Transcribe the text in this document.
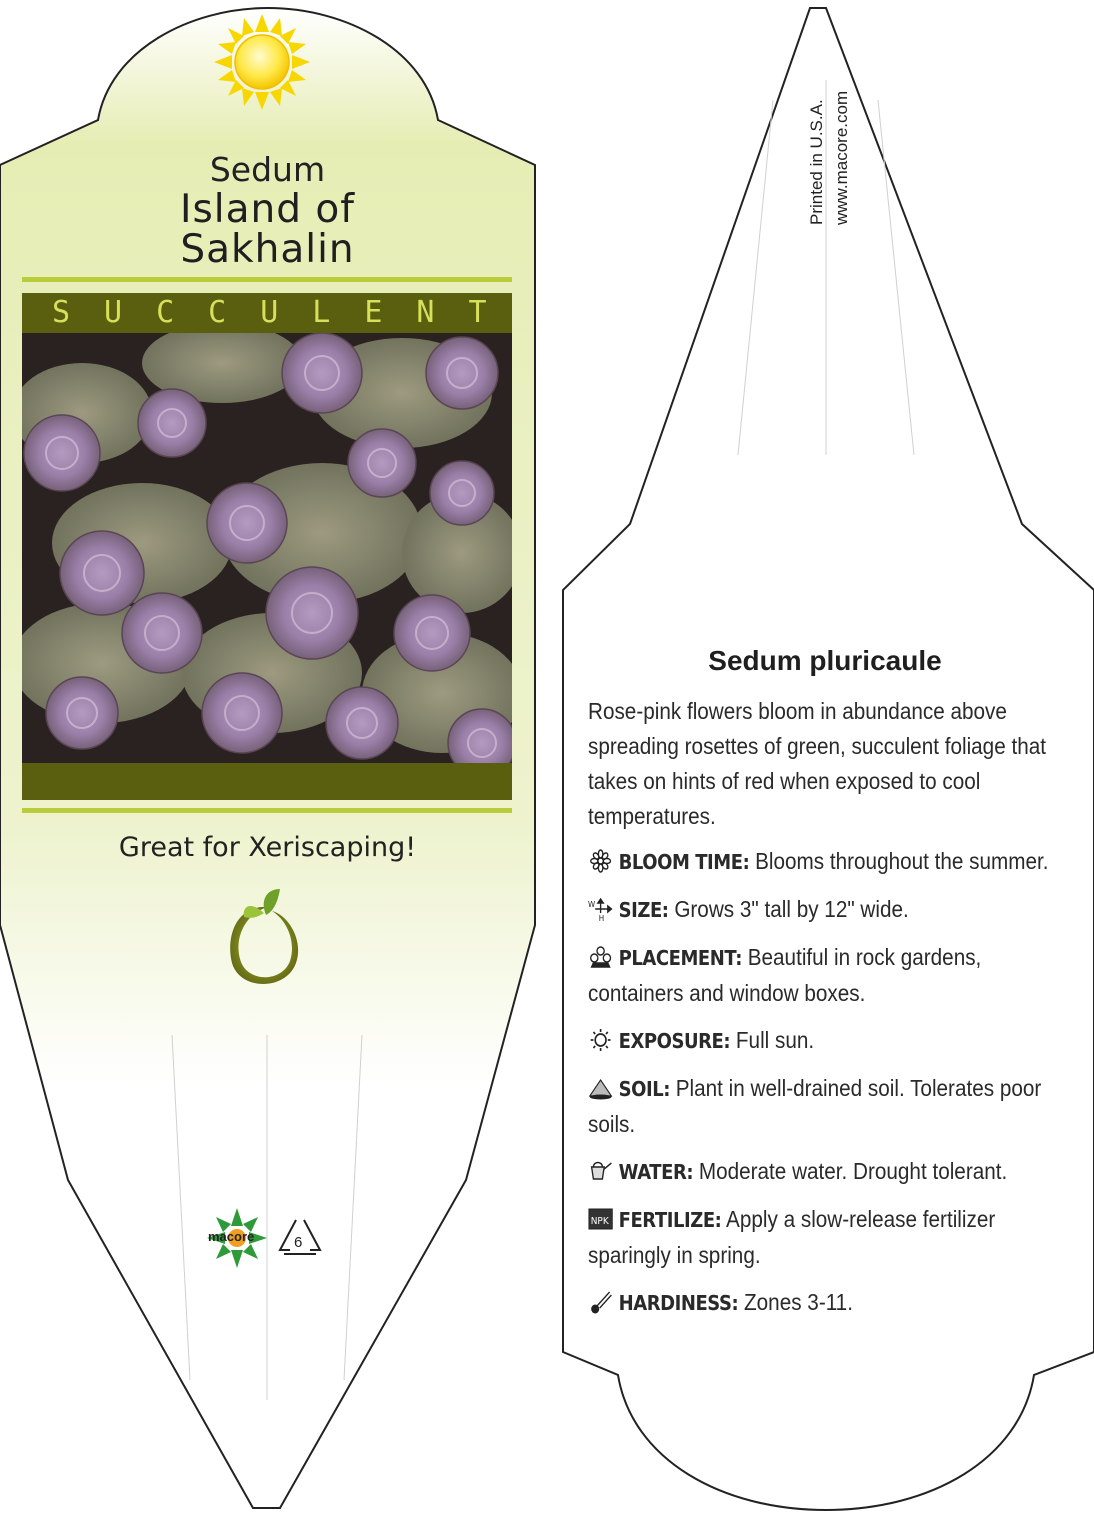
Sedum
Island of
Sakhalin
SUCCULENT
Great for Xeriscaping!
macore	6
Printed in U.S.A. www.macore.com
Sedum pluricaule

Rose-pink flowers bloom in abundance above spreading rosettes of green, succulent foliage that takes on hints of red when exposed to cool temperatures.

BLOOM TIME: Blooms throughout the summer.
W
H SIZE: Grows 3" tall by 12" wide.
PLACEMENT: Beautiful in rock gardens, containers and window boxes.
EXPOSURE: Full sun.
SOIL: Plant in well-drained soil. Tolerates poor soils.
WATER: Moderate water. Drought tolerant.
NPK FERTILIZE: Apply a slow-release fertilizer sparingly in spring.
HARDINESS: Zones 3-11.
